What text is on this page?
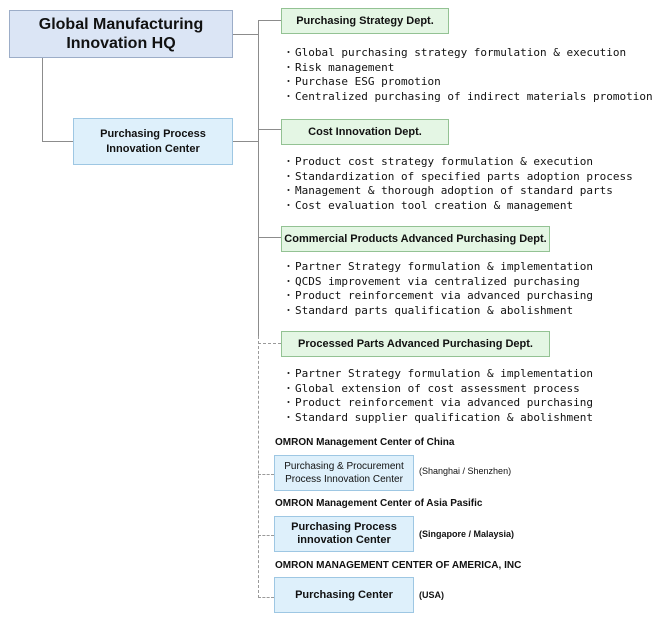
Global Manufacturing
Innovation HQ
Purchasing Process
Innovation Center
Purchasing Strategy Dept.
・ Global purchasing strategy formulation & execution
・ Risk management
・ Purchase ESG promotion
・ Centralized purchasing of indirect materials promotion
Cost Innovation Dept.
・ Product cost strategy formulation & execution
・ Standardization of specified parts adoption process
・ Management & thorough adoption of standard parts
・ Cost evaluation tool creation & management
Commercial Products Advanced Purchasing Dept.
・ Partner Strategy formulation & implementation
・ QCDS improvement via centralized purchasing
・ Product reinforcement via advanced purchasing
・ Standard parts qualification & abolishment
Processed Parts Advanced Purchasing Dept.
・ Partner Strategy formulation & implementation
・ Global extension of cost assessment process
・ Product reinforcement via advanced purchasing
・ Standard supplier qualification & abolishment
OMRON Management Center of China
Purchasing & Procurement
Process Innovation Center
(Shanghai / Shenzhen)
OMRON Management Center of Asia Pasific
Purchasing Process
innovation Center	(Singapore / Malaysia)
OMRON MANAGEMENT CENTER OF AMERICA, INC
Purchasing Center	(USA)
